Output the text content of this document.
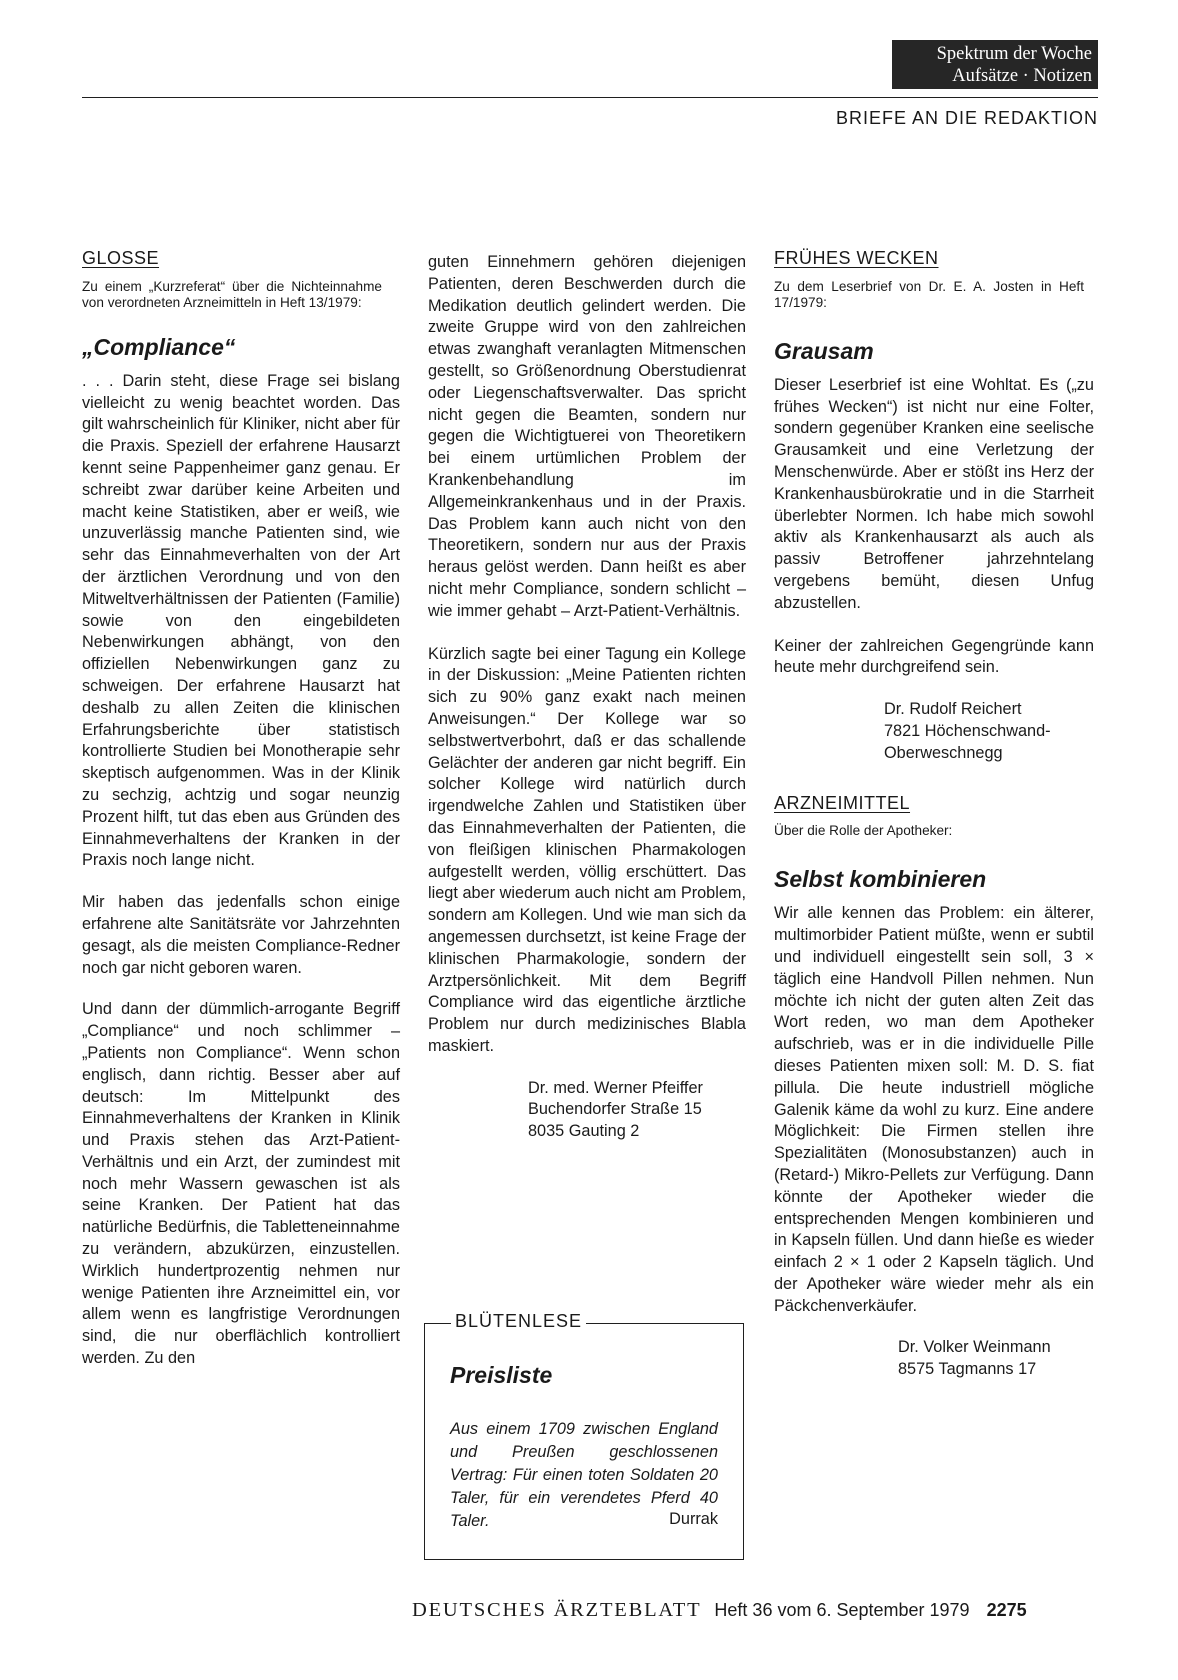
Spektrum der Woche
Aufsätze · Notizen
BRIEFE AN DIE REDAKTION
GLOSSE

Zu einem „Kurzreferat“ über die Nichteinnahme von verordneten Arzneimitteln in Heft 13/1979:

„Compliance“

. . . Darin steht, diese Frage sei bislang vielleicht zu wenig beachtet worden. Das gilt wahrscheinlich für Kliniker, nicht aber für die Praxis. Speziell der erfahrene Hausarzt kennt seine Pappenheimer ganz genau. Er schreibt zwar darüber keine Arbeiten und macht keine Statistiken, aber er weiß, wie unzuverlässig manche Patienten sind, wie sehr das Einnahmeverhalten von der Art der ärztlichen Verordnung und von den Mitweltverhältnissen der Patienten (Familie) sowie von den eingebildeten Nebenwirkungen abhängt, von den offiziellen Nebenwirkungen ganz zu schweigen. Der erfahrene Hausarzt hat deshalb zu allen Zeiten die klinischen Erfahrungsberichte über statistisch kontrollierte Studien bei Monotherapie sehr skeptisch aufgenommen. Was in der Klinik zu sechzig, achtzig und sogar neunzig Prozent hilft, tut das eben aus Gründen des Einnahmeverhaltens der Kranken in der Praxis noch lange nicht.

Mir haben das jedenfalls schon einige erfahrene alte Sanitätsräte vor Jahrzehnten gesagt, als die meisten Compliance-Redner noch gar nicht geboren waren.

Und dann der dümmlich-arrogante Begriff „Compliance“ und noch schlimmer – „Patients non Compliance“. Wenn schon englisch, dann richtig. Besser aber auf deutsch: Im Mittelpunkt des Einnahmeverhaltens der Kranken in Klinik und Praxis stehen das Arzt-Patient-Verhältnis und ein Arzt, der zumindest mit noch mehr Wassern gewaschen ist als seine Kranken. Der Patient hat das natürliche Bedürfnis, die Tabletteneinnahme zu verändern, abzukürzen, einzustellen. Wirklich hundertprozentig nehmen nur wenige Patienten ihre Arzneimittel ein, vor allem wenn es langfristige Verordnungen sind, die nur oberflächlich kontrolliert werden. Zu den

guten Einnehmern gehören diejenigen Patienten, deren Beschwerden durch die Medikation deutlich gelindert werden. Die zweite Gruppe wird von den zahlreichen etwas zwanghaft veranlagten Mitmenschen gestellt, so Größenordnung Oberstudienrat oder Liegenschaftsverwalter. Das spricht nicht gegen die Beamten, sondern nur gegen die Wichtigtuerei von Theoretikern bei einem urtümlichen Problem der Krankenbehandlung im Allgemeinkrankenhaus und in der Praxis. Das Problem kann auch nicht von den Theoretikern, sondern nur aus der Praxis heraus gelöst werden. Dann heißt es aber nicht mehr Compliance, sondern schlicht – wie immer gehabt – Arzt-Patient-Verhältnis.

Kürzlich sagte bei einer Tagung ein Kollege in der Diskussion: „Meine Patienten richten sich zu 90% ganz exakt nach meinen Anweisungen.“ Der Kollege war so selbstwertverbohrt, daß er das schallende Gelächter der anderen gar nicht begriff. Ein solcher Kollege wird natürlich durch irgendwelche Zahlen und Statistiken über das Einnahmeverhalten der Patienten, die von fleißigen klinischen Pharmakologen aufgestellt werden, völlig erschüttert. Das liegt aber wiederum auch nicht am Problem, sondern am Kollegen. Und wie man sich da angemessen durchsetzt, ist keine Frage der klinischen Pharmakologie, sondern der Arztpersönlichkeit. Mit dem Begriff Compliance wird das eigentliche ärztliche Problem nur durch medizinisches Blabla maskiert.

Dr. med. Werner Pfeiffer
Buchendorfer Straße 15
8035 Gauting 2
BLÜTENLESE
Preisliste
Aus einem 1709 zwischen England und Preußen geschlossenen Vertrag: Für einen toten Soldaten 20 Taler, für ein verendetes Pferd 40 Taler.	Durrak
FRÜHES WECKEN

Zu dem Leserbrief von Dr. E. A. Josten in Heft 17/1979:

Grausam

Dieser Leserbrief ist eine Wohltat. Es („zu frühes Wecken“) ist nicht nur eine Folter, sondern gegenüber Kranken eine seelische Grausamkeit und eine Verletzung der Menschenwürde. Aber er stößt ins Herz der Krankenhausbürokratie und in die Starrheit überlebter Normen. Ich habe mich sowohl aktiv als Krankenhausarzt als auch als passiv Betroffener jahrzehntelang vergebens bemüht, diesen Unfug abzustellen.

Keiner der zahlreichen Gegengründe kann heute mehr durchgreifend sein.

Dr. Rudolf Reichert
7821 Höchenschwand-
Oberweschnegg
ARZNEIMITTEL

Über die Rolle der Apotheker:

Selbst kombinieren

Wir alle kennen das Problem: ein älterer, multimorbider Patient müßte, wenn er subtil und individuell eingestellt sein soll, 3 × täglich eine Handvoll Pillen nehmen. Nun möchte ich nicht der guten alten Zeit das Wort reden, wo man dem Apotheker aufschrieb, was er in die individuelle Pille dieses Patienten mixen soll: M. D. S. fiat pillula. Die heute industriell mögliche Galenik käme da wohl zu kurz. Eine andere Möglichkeit: Die Firmen stellen ihre Spezialitäten (Monosubstanzen) auch in (Retard-) Mikro-Pellets zur Verfügung. Dann könnte der Apotheker wieder die entsprechenden Mengen kombinieren und in Kapseln füllen. Und dann hieße es wieder einfach 2 × 1 oder 2 Kapseln täglich. Und der Apotheker wäre wieder mehr als ein Päckchenverkäufer.

Dr. Volker Weinmann
8575 Tagmanns 17
DEUTSCHES ÄRZTEBLATT Heft 36 vom 6. September 1979 2275
